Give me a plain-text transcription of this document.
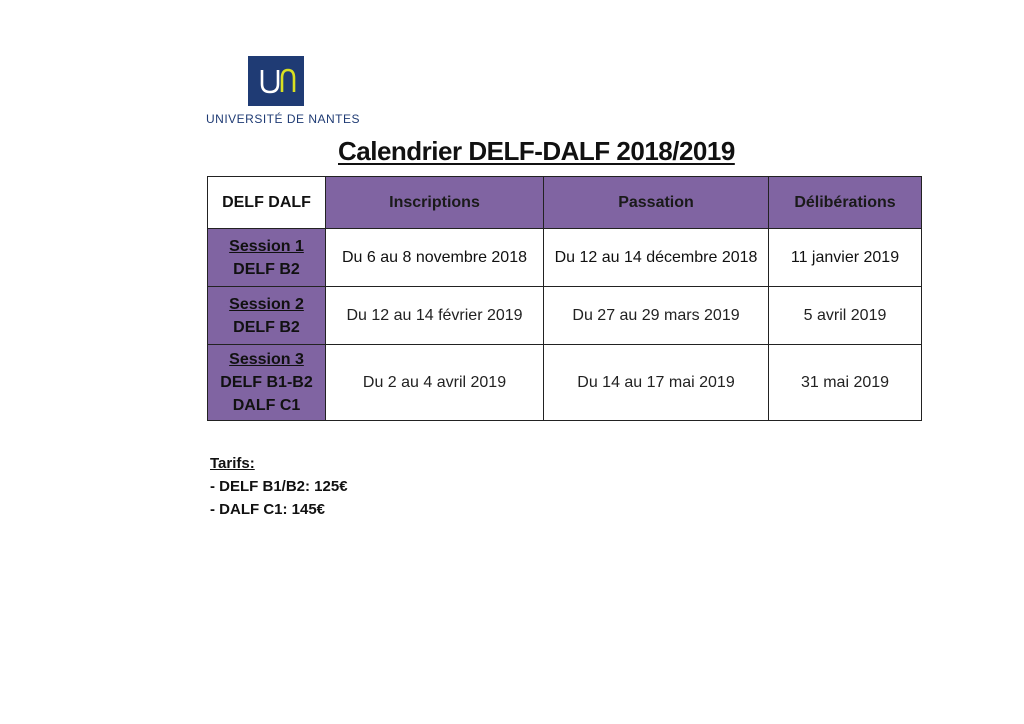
UNIVERSITÉ DE NANTES
Calendrier DELF-DALF 2018/2019
DELF DALF	Inscriptions	Passation	Délibérations

Session 1
DELF B2	Du 6 au 8 novembre 2018	Du 12 au 14 décembre 2018	11 janvier 2019

Session 2
DELF B2	Du 12 au 14 février 2019	Du 27 au 29 mars 2019	5 avril 2019

Session 3
DELF B1-B2
DALF C1	Du 2 au 4 avril 2019	Du 14 au 17 mai 2019	31 mai 2019
Tarifs:
- DELF B1/B2: 125€
- DALF C1: 145€
